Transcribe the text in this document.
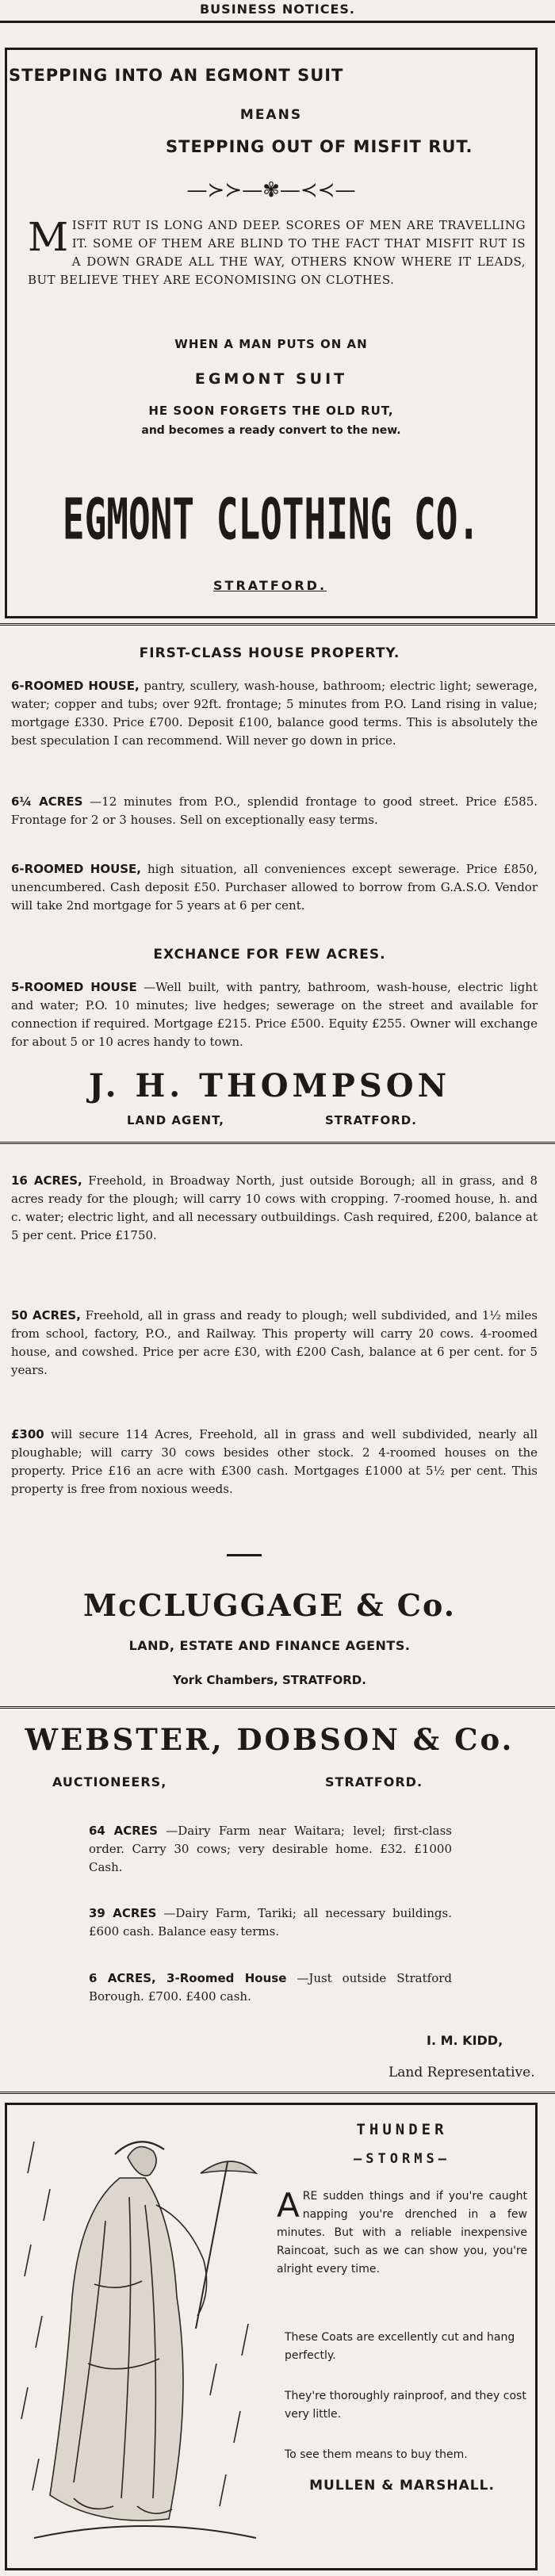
BUSINESS NOTICES.
STEPPING INTO AN EGMONT SUIT
MEANS
STEPPING OUT OF MISFIT RUT.
—≻≻—✾—≺≺—
M ISFIT RUT IS LONG AND DEEP. SCORES OF MEN ARE TRAVELLING IT. SOME OF THEM ARE BLIND TO THE FACT THAT MISFIT RUT IS A DOWN GRADE ALL THE WAY, OTHERS KNOW WHERE IT LEADS, BUT BELIEVE THEY ARE ECONOMISING ON CLOTHES.
WHEN A MAN PUTS ON AN
EGMONT SUIT
HE SOON FORGETS THE OLD RUT,
and becomes a ready convert to the new.
EGMONT CLOTHING CO.
STRATFORD.
FIRST-CLASS HOUSE PROPERTY.
6-ROOMED HOUSE, pantry, scullery, wash-house, bathroom; electric light; sewerage, water; copper and tubs; over 92ft. frontage; 5 minutes from P.O. Land rising in value; mortgage £330. Price £700. Deposit £100, balance good terms. This is absolutely the best speculation I can recommend. Will never go down in price.
6¼ ACRES —12 minutes from P.O., splendid frontage to good street. Price £585. Frontage for 2 or 3 houses. Sell on exceptionally easy terms.
6-ROOMED HOUSE, high situation, all conveniences except sewerage. Price £850, unencumbered. Cash deposit £50. Purchaser allowed to borrow from G.A.S.O. Vendor will take 2nd mortgage for 5 years at 6 per cent.
EXCHANCE FOR FEW ACRES.
5-ROOMED HOUSE —Well built, with pantry, bathroom, wash-house, electric light and water; P.O. 10 minutes; live hedges; sewerage on the street and available for connection if required. Mortgage £215. Price £500. Equity £255. Owner will exchange for about 5 or 10 acres handy to town.
J. H. THOMPSON
LAND AGENT,	STRATFORD.
16 ACRES, Freehold, in Broadway North, just outside Borough; all in grass, and 8 acres ready for the plough; will carry 10 cows with cropping. 7-roomed house, h. and c. water; electric light, and all necessary outbuildings. Cash required, £200, balance at 5 per cent. Price £1750.
50 ACRES, Freehold, all in grass and ready to plough; well subdivided, and 1½ miles from school, factory, P.O., and Railway. This property will carry 20 cows. 4-roomed house, and cowshed. Price per acre £30, with £200 Cash, balance at 6 per cent. for 5 years.
£300 will secure 114 Acres, Freehold, all in grass and well subdivided, nearly all ploughable; will carry 30 cows besides other stock. 2 4-roomed houses on the property. Price £16 an acre with £300 cash. Mortgages £1000 at 5½ per cent. This property is free from noxious weeds.
McCLUGGAGE & Co.
LAND, ESTATE AND FINANCE AGENTS.
York Chambers, STRATFORD.
WEBSTER, DOBSON & Co.
AUCTIONEERS,	STRATFORD.
64 ACRES —Dairy Farm near Waitara; level; first-class order. Carry 30 cows; very desirable home. £32. £1000 Cash.
39 ACRES —Dairy Farm, Tariki; all necessary buildings. £600 cash. Balance easy terms.
6 ACRES, 3-Roomed House —Just outside Stratford Borough. £700. £400 cash.
I. M. KIDD,
Land Representative.
THUNDER
—STORMS—
A RE sudden things and if you're caught napping you're drenched in a few minutes. But with a reliable inexpensive Raincoat, such as we can show you, you're alright every time.
These Coats are excellently cut and hang perfectly.
They're thoroughly rainproof, and they cost very little.
To see them means to buy them.
MULLEN & MARSHALL.
